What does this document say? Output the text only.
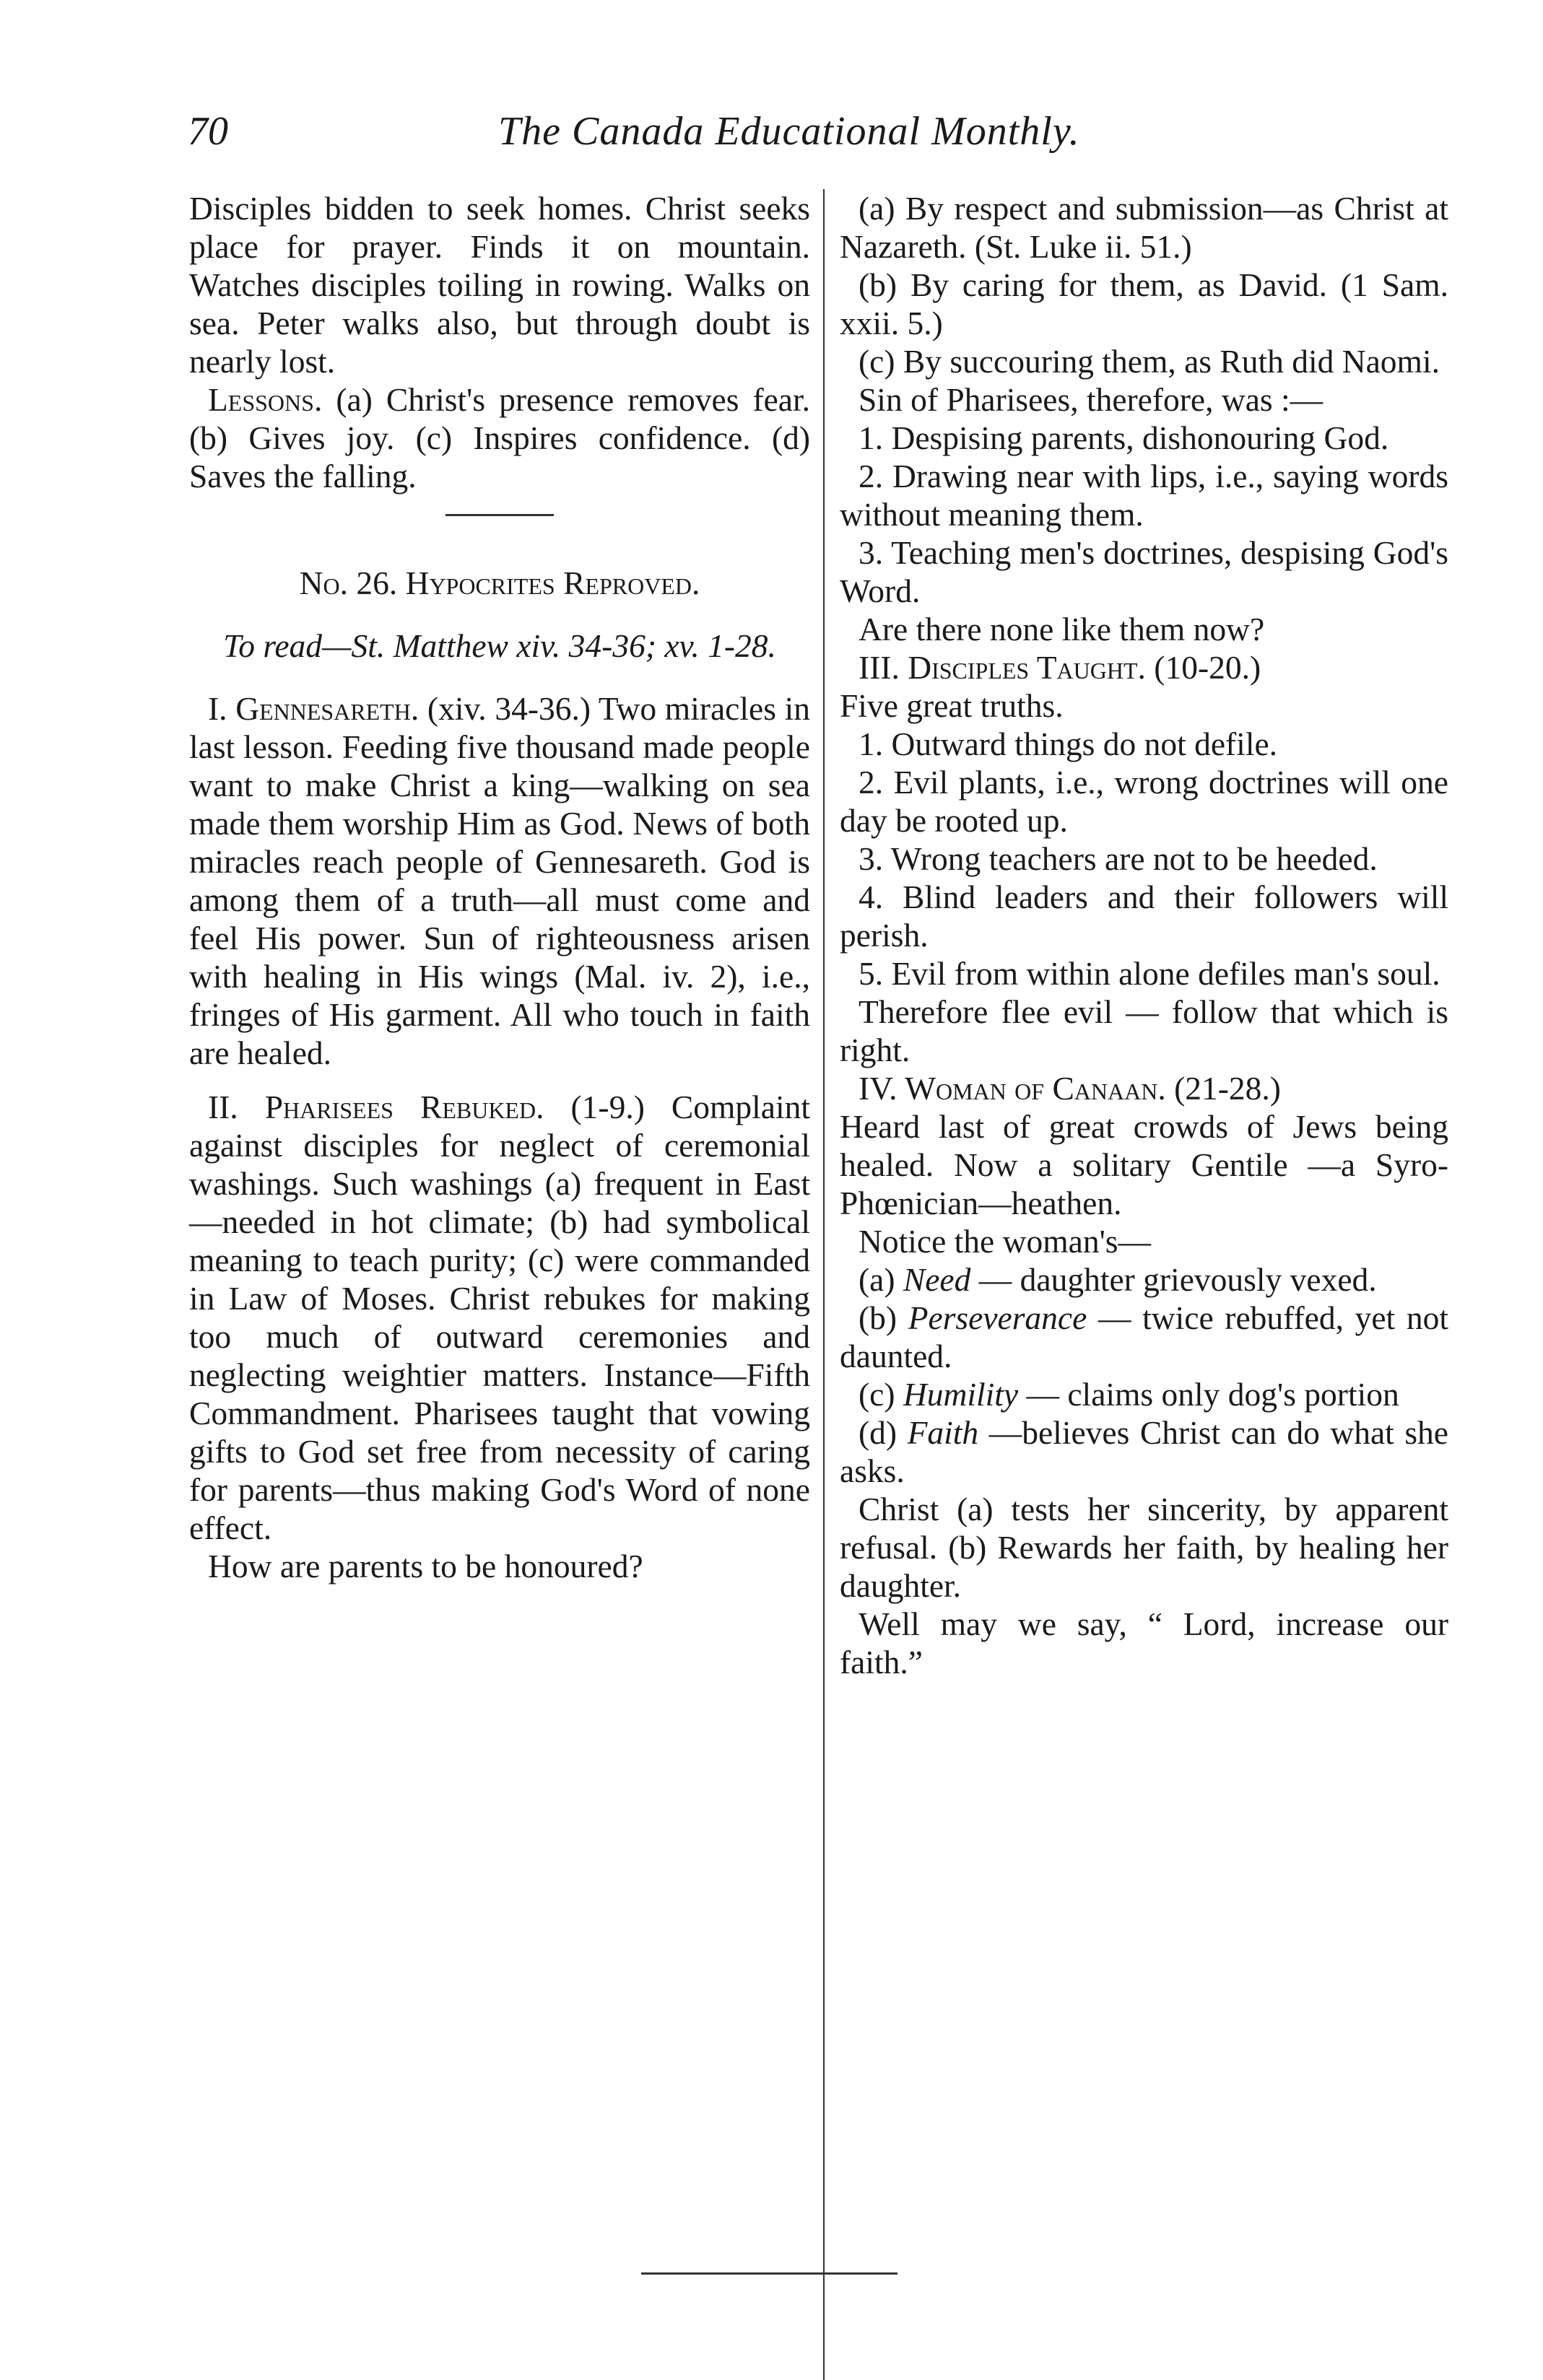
70	The Canada Educational Monthly.

Disciples bidden to seek homes. Christ seeks place for prayer. Finds it on mountain. Watches disciples toiling in rowing. Walks on sea. Peter walks also, but through doubt is nearly lost.

Lessons. (a) Christ's presence removes fear. (b) Gives joy. (c) Inspires confidence. (d) Saves the falling.

No. 26. Hypocrites Reproved.

To read—St. Matthew xiv. 34-36; xv. 1-28.

I. Gennesareth. (xiv. 34-36.) Two miracles in last lesson. Feeding five thousand made people want to make Christ a king—walking on sea made them worship Him as God. News of both miracles reach people of Gennesareth. God is among them of a truth—all must come and feel His power. Sun of righteousness arisen with healing in His wings (Mal. iv. 2), i.e., fringes of His garment. All who touch in faith are healed.

II. Pharisees Rebuked. (1-9.) Complaint against disciples for neglect of ceremonial washings. Such washings (a) frequent in East—needed in hot climate; (b) had symbolical meaning to teach purity; (c) were commanded in Law of Moses. Christ rebukes for making too much of outward ceremonies and neglecting weightier matters. Instance—Fifth Commandment. Pharisees taught that vowing gifts to God set free from necessity of caring for parents—thus making God's Word of none effect.

How are parents to be honoured?

(a) By respect and submission—as Christ at Nazareth. (St. Luke ii. 51.)

(b) By caring for them, as David. (1 Sam. xxii. 5.)

(c) By succouring them, as Ruth did Naomi.

Sin of Pharisees, therefore, was :—

1. Despising parents, dishonouring God.

2. Drawing near with lips, i.e., saying words without meaning them.

3. Teaching men's doctrines, despising God's Word.

Are there none like them now?

III. Disciples Taught. (10-20.)

Five great truths.

1. Outward things do not defile.

2. Evil plants, i.e., wrong doctrines will one day be rooted up.

3. Wrong teachers are not to be heeded.

4. Blind leaders and their followers will perish.

5. Evil from within alone defiles man's soul.

Therefore flee evil — follow that which is right.

IV. Woman of Canaan. (21-28.)

Heard last of great crowds of Jews being healed. Now a solitary Gentile —a Syro-Phœnician—heathen.

Notice the woman's—

(a) Need — daughter grievously vexed.

(b) Perseverance — twice rebuffed, yet not daunted.

(c) Humility — claims only dog's portion

(d) Faith —believes Christ can do what she asks.

Christ (a) tests her sincerity, by apparent refusal. (b) Rewards her faith, by healing her daughter.

Well may we say, “ Lord, increase our faith.”
